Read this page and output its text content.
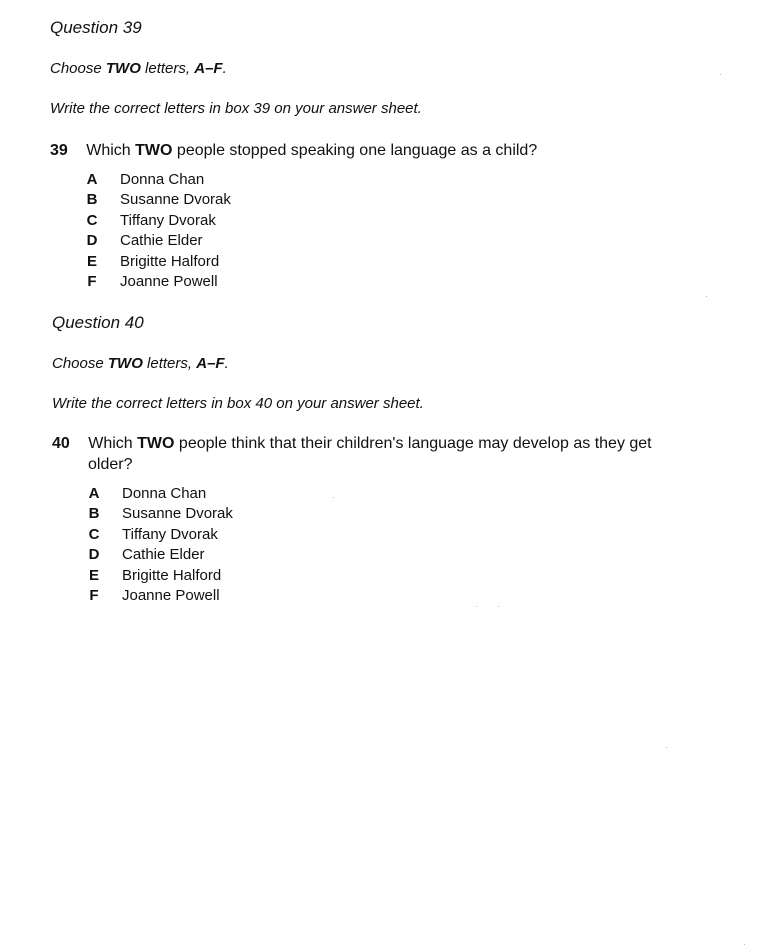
Question 39
Choose TWO letters, A–F.
Write the correct letters in box 39 on your answer sheet.
39 Which TWO people stopped speaking one language as a child?
A Donna Chan
B Susanne Dvorak
C Tiffany Dvorak
D Cathie Elder
E Brigitte Halford
F Joanne Powell
Question 40
Choose TWO letters, A–F.
Write the correct letters in box 40 on your answer sheet.
40 Which TWO people think that their children's language may develop as they get
older?
A Donna Chan
B Susanne Dvorak
C Tiffany Dvorak
D Cathie Elder
E Brigitte Halford
F Joanne Powell
